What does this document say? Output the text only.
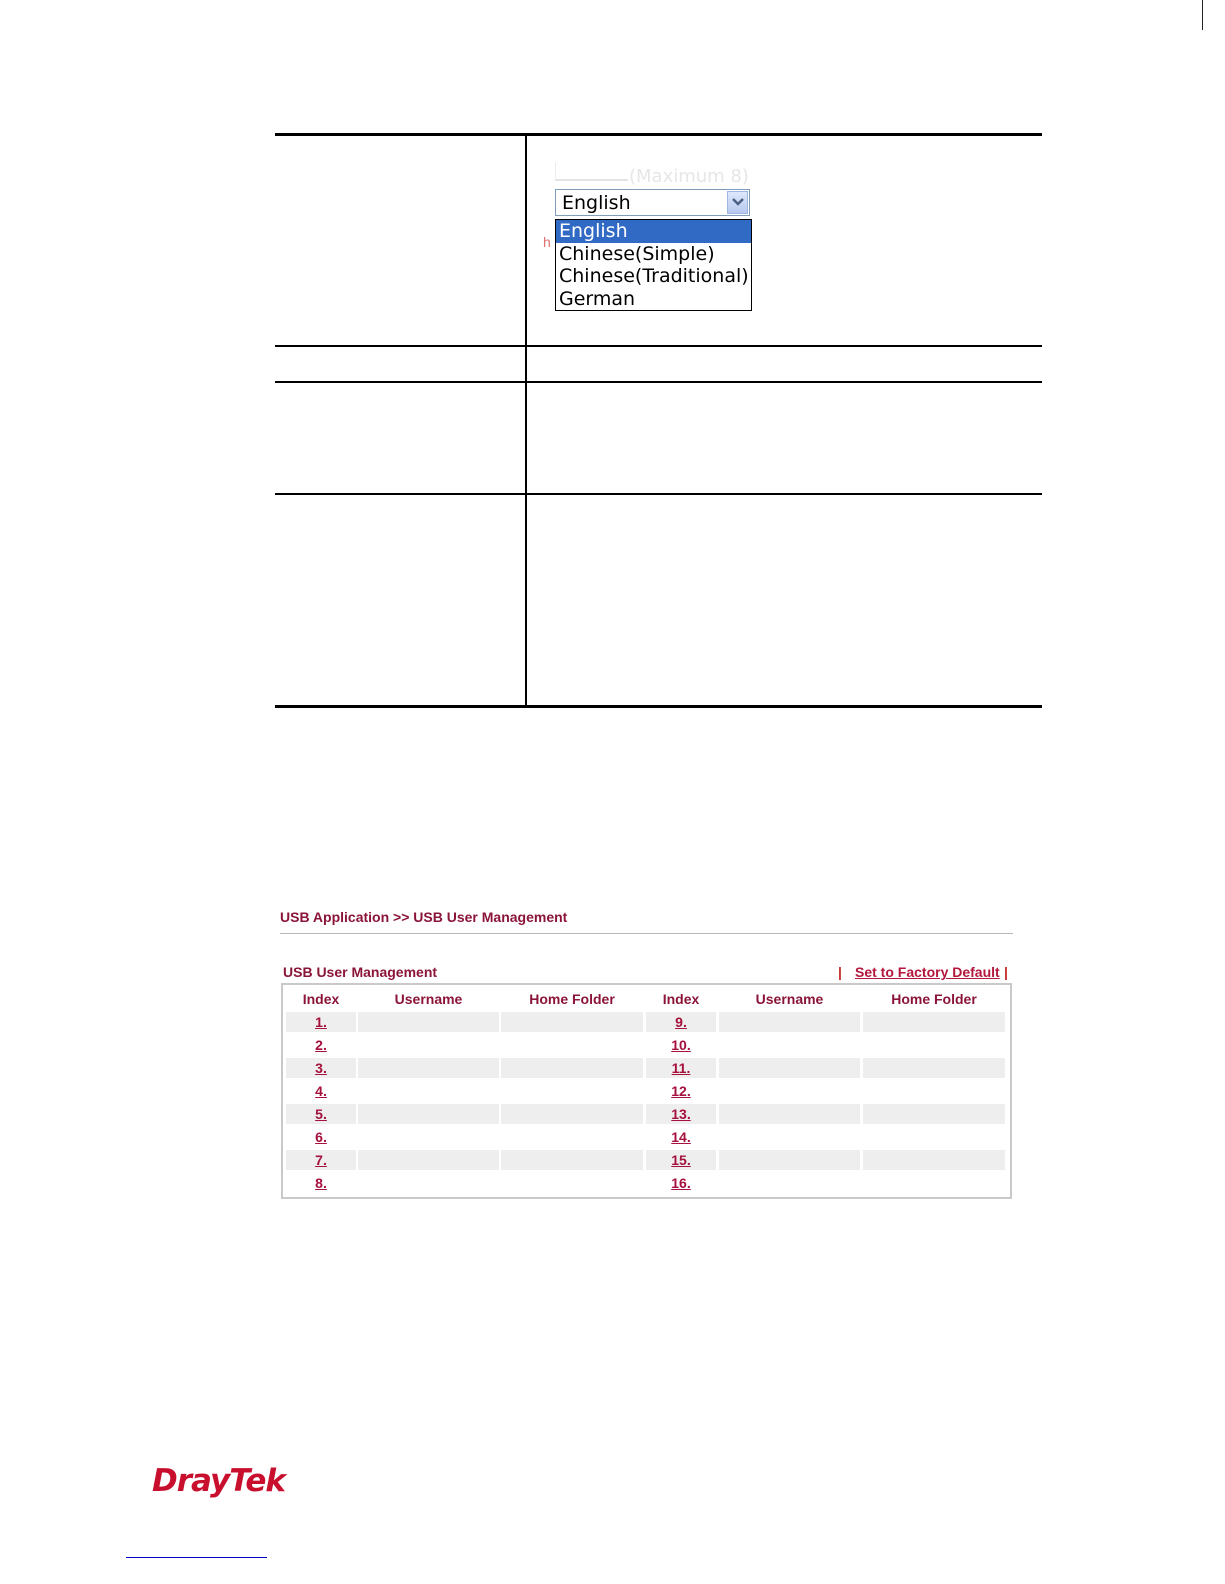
(Maximum 8)
h
English
English
Chinese(Simple)
Chinese(Traditional)
German
USB Application >> USB User Management
USB User Management	| Set to Factory Default |
Index	Username	Home Folder	Index	Username	Home Folder
1.	9.
2.	10.
3.	11.
4.	12.
5.	13.
6.	14.
7.	15.
8.	16.
DrayTek
